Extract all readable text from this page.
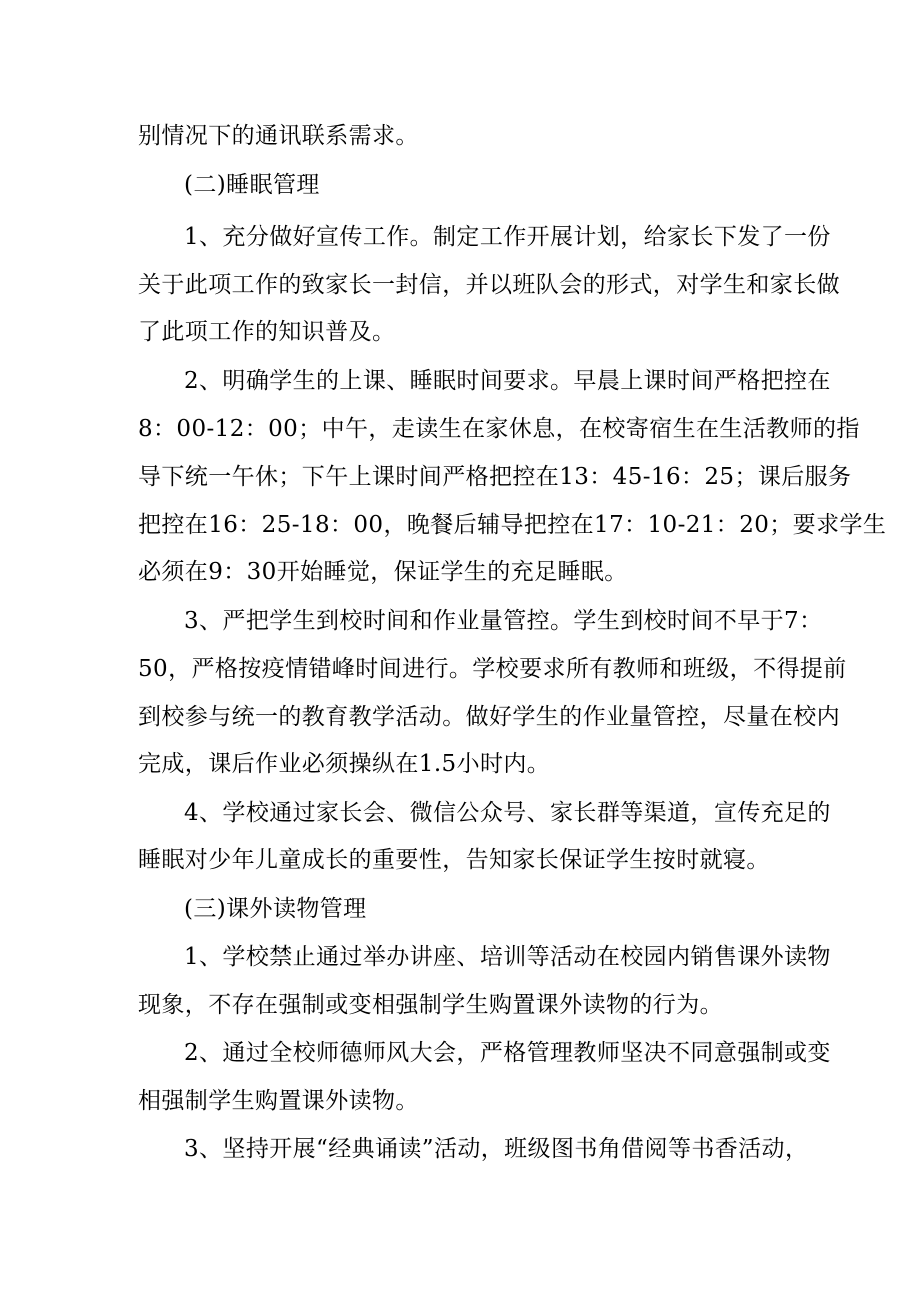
别情况下的通讯联系需求。
(二)睡眠管理
1、充分做好宣传工作。制定工作开展计划，给家长下发了一份
关于此项工作的致家长一封信，并以班队会的形式，对学生和家长做
了此项工作的知识普及。
2、明确学生的上课、睡眠时间要求。早晨上课时间严格把控在
8：00-12：00；中午，走读生在家休息，在校寄宿生在生活教师的指
导下统一午休；下午上课时间严格把控在13：45-16：25；课后服务
把控在16：25-18：00，晚餐后辅导把控在17：10-21：20；要求学生
必须在9：30开始睡觉，保证学生的充足睡眠。
3、严把学生到校时间和作业量管控。学生到校时间不早于7：
50，严格按疫情错峰时间进行。学校要求所有教师和班级，不得提前
到校参与统一的教育教学活动。做好学生的作业量管控，尽量在校内
完成，课后作业必须操纵在1.5小时内。
4、学校通过家长会、微信公众号、家长群等渠道，宣传充足的
睡眠对少年儿童成长的重要性，告知家长保证学生按时就寝。
(三)课外读物管理
1、学校禁止通过举办讲座、培训等活动在校园内销售课外读物
现象，不存在强制或变相强制学生购置课外读物的行为。
2、通过全校师德师风大会，严格管理教师坚决不同意强制或变
相强制学生购置课外读物。
3、坚持开展“经典诵读”活动，班级图书角借阅等书香活动，
